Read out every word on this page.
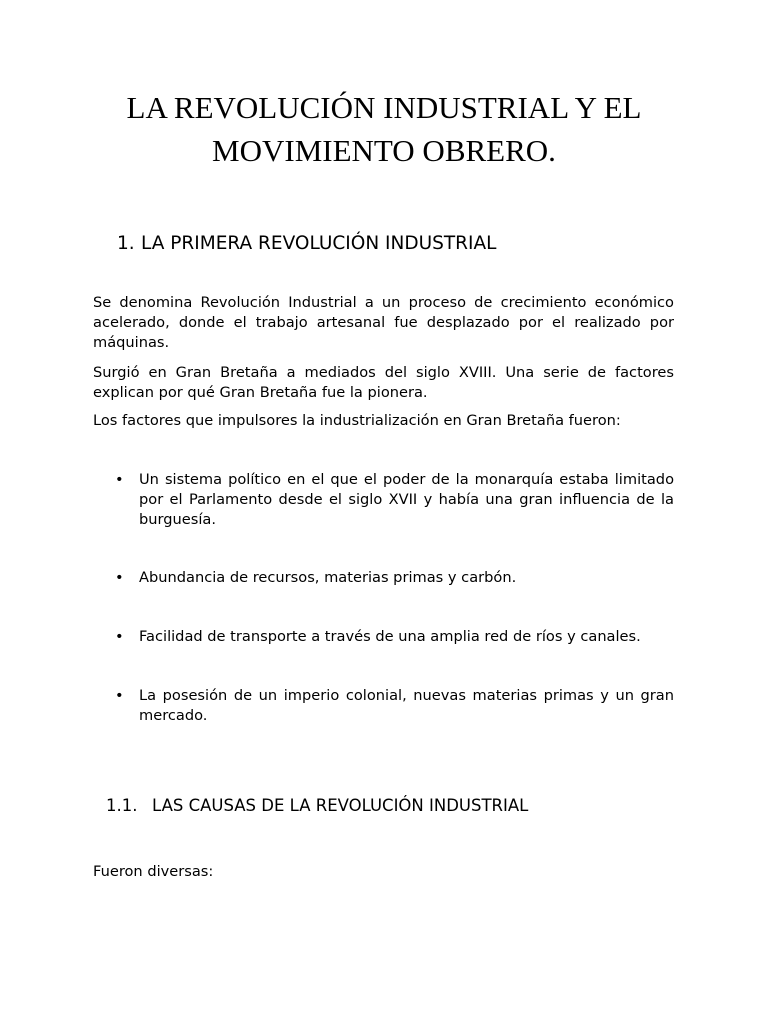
LA REVOLUCIÓN INDUSTRIAL Y EL MOVIMIENTO OBRERO.
1. LA PRIMERA REVOLUCIÓN INDUSTRIAL

Se denomina Revolución Industrial a un proceso de crecimiento económico acelerado, donde el trabajo artesanal fue desplazado por el realizado por máquinas.

Surgió en Gran Bretaña a mediados del siglo XVIII. Una serie de factores explican por qué Gran Bretaña fue la pionera.

Los factores que impulsores la industrialización en Gran Bretaña fueron:

• Un sistema político en el que el poder de la monarquía estaba limitado por el Parlamento desde el siglo XVII y había una gran influencia de la burguesía.
• Abundancia de recursos, materias primas y carbón.
• Facilidad de transporte a través de una amplia red de ríos y canales.
• La posesión de un imperio colonial, nuevas materias primas y un gran mercado.
1.1. LAS CAUSAS DE LA REVOLUCIÓN INDUSTRIAL

Fueron diversas:
